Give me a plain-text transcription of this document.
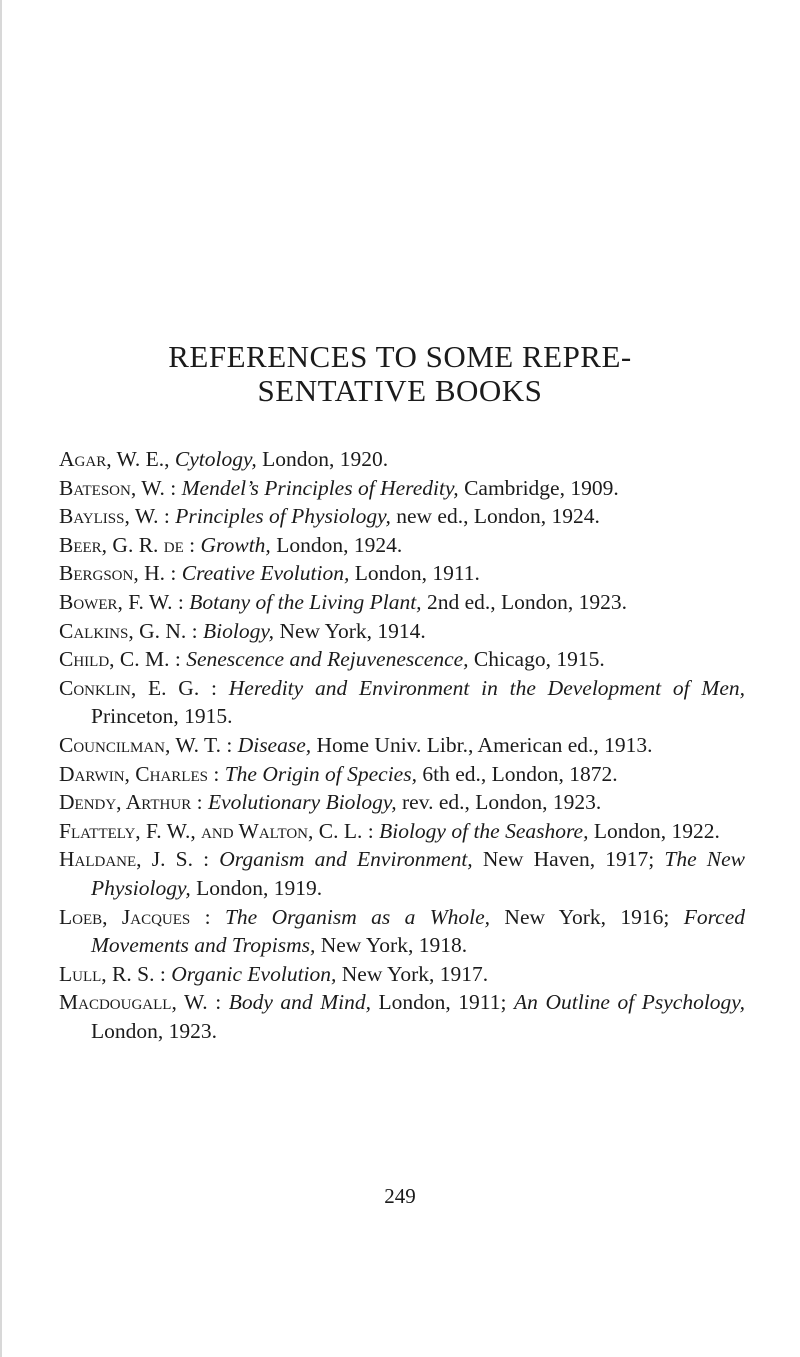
REFERENCES TO SOME REPRE-
SENTATIVE BOOKS
Agar, W. E., Cytology, London, 1920.
Bateson, W. : Mendel’s Principles of Heredity, Cambridge, 1909.
Bayliss, W. : Principles of Physiology, new ed., London, 1924.
Beer, G. R. de : Growth, London, 1924.
Bergson, H. : Creative Evolution, London, 1911.
Bower, F. W. : Botany of the Living Plant, 2nd ed., London, 1923.
Calkins, G. N. : Biology, New York, 1914.
Child, C. M. : Senescence and Rejuvenescence, Chicago, 1915.
Conklin, E. G. : Heredity and Environment in the Development of Men, Princeton, 1915.
Councilman, W. T. : Disease, Home Univ. Libr., American ed., 1913.
Darwin, Charles : The Origin of Species, 6th ed., London, 1872.
Dendy, Arthur : Evolutionary Biology, rev. ed., London, 1923.
Flattely, F. W., and Walton, C. L. : Biology of the Seashore, London, 1922.
Haldane, J. S. : Organism and Environment, New Haven, 1917; The New Physiology, London, 1919.
Loeb, Jacques : The Organism as a Whole, New York, 1916; Forced Movements and Tropisms, New York, 1918.
Lull, R. S. : Organic Evolution, New York, 1917.
Macdougall, W. : Body and Mind, London, 1911; An Outline of Psychology, London, 1923.
249
